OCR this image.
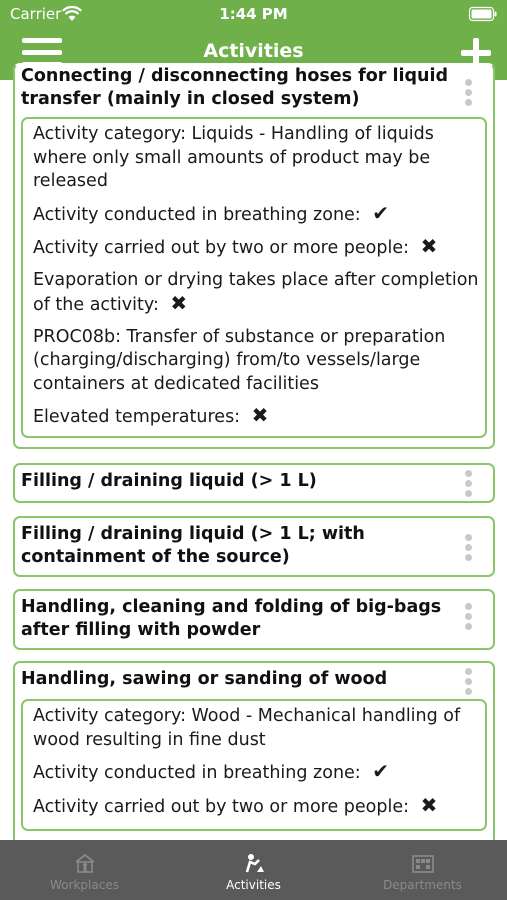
Carrier	1:44 PM
Activities
Connecting / disconnecting hoses for liquid transfer (mainly in closed system)
Activity category: Liquids - Handling of liquids where only small amounts of product may be released
Activity conducted in breathing zone: ✔
Activity carried out by two or more people: ✖
Evaporation or drying takes place after completion of the activity: ✖
PROC08b: Transfer of substance or preparation (charging/discharging) from/to vessels/large containers at dedicated facilities
Elevated temperatures: ✖
Filling / draining liquid (> 1 L)
Filling / draining liquid (> 1 L; with containment of the source)
Handling, cleaning and folding of big-bags after filling with powder
Handling, sawing or sanding of wood
Activity category: Wood - Mechanical handling of wood resulting in fine dust
Activity conducted in breathing zone: ✔
Activity carried out by two or more people: ✖
Workplaces	Activities	Departments
